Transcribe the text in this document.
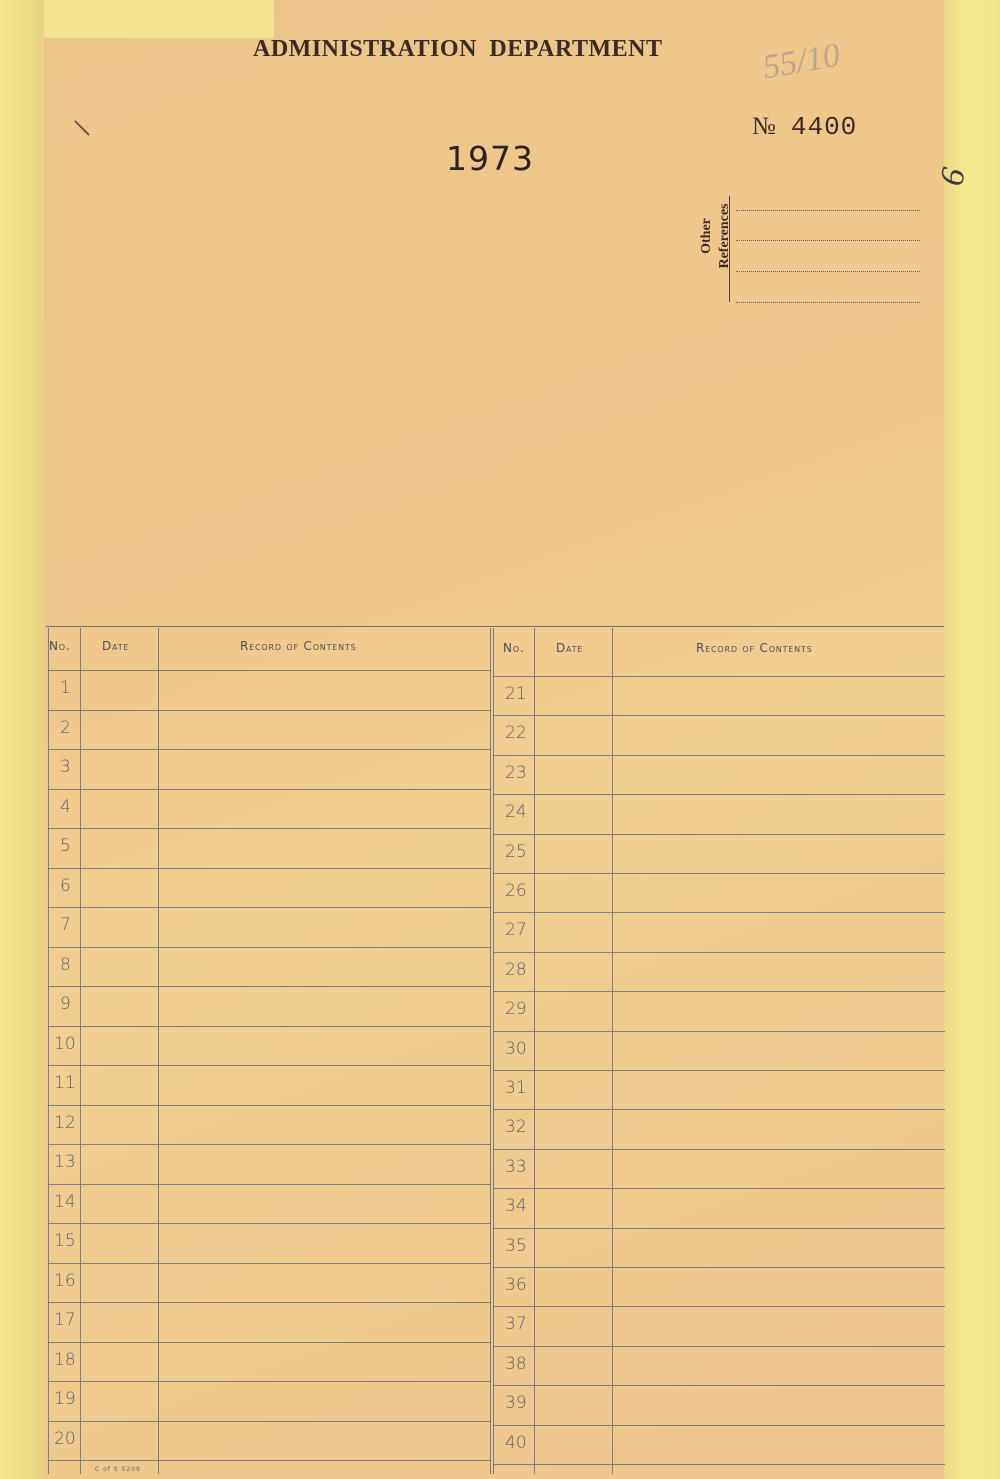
ADMINISTRATION DEPARTMENT	55/10
№ 4400
1973	6
Other References
No.	Date	Record of Contents	No.	Date	Record of Contents
1
2
3
4
5
6
7
8
9
10
11
12
13
14
15
16
17
18
19
20
21
22
23
24
25
26
27
28
29
30
31
32
33
34
35
36
37
38
39
40
C of S 5209
